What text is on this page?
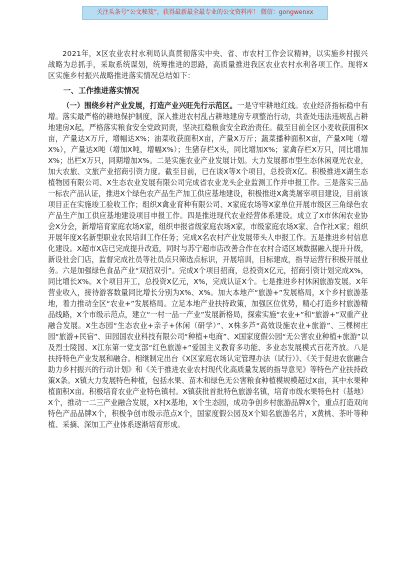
关注头条号“公文秘笈”，获得最新最全最专业的公文资料库！ 微信：gongwenxx

2021年，X区农业农村水利局认真贯彻落实中央、省、市农村工作会议精神，以实施乡村振兴战略为总抓手，采取系统谋划，统筹推进的思路，高质量推进我区农业农村水利各项工作。现将X区实施乡村振兴战略推进落实情况总结如下：

一、工作推进落实情况

（一）围绕乡村产业发展，打造产业兴旺先行示范区。一是守牢耕地红线。农业经济指标稳中有增。落实最严格的耕地保护制度，深入推进农村乱占耕地建房专项整治行动，共查处违法违规乱占耕地建房X起，严格落实粮食安全党政同责，坚决扛稳粮食安全政治责任。截至目前全区小麦收获面积X亩，产量达X万斤，增幅达X%；油菜收获面积X亩，产量X万斤；蔬菜播种面积X亩，产量X吨（增X%），产量达X吨（增加X吨，增幅X%）；生猪存栏X头，同比增加X%；家禽存栏X万只，同比增加X%；出栏X万只，同期增加X%。二是实施农业产业发展计划。大力发展都市型生态休闲观光农业，加大农旅、文旅产业招商引资力度。截至目前，已在谈X等X个项目，总投资X亿。积极推进X湖生态植物园有限公司、X生态农业发展有限公司完成省农业龙头企业监测工作并申报工作。三是落实三品一标农产品认证，推进X个绿色农产品生产加工供应基地建设，积极推进X禽类屠宰项目建设，目前该项目正在实施竣工验收工作；组织X禽业育种有限公司、X家庭农场等X家单位开展市级区三角绿色农产品生产加工供应基地建设项目申报工作。四是推进现代农业经营体系建设。成立了X市休闲农业协会X分会，新增培育家庭农场X家，组织申报省级家庭农场X家，市级家庭农场X家、合作社X家；组织开展年度X名新型职业农民培训工作任务；完成X名农村产业发展带头人申报工作。五是推进乡村信息化建设。X超市X店已完成提升改造，同时与苏宁超市店改善合作在农村合适区域数据融入提升升级，新设社会门店，监督完成社员等社员点只筛选点标识，开展培训，目标建成，指导运营行积极开展业务。六是加强绿色食品产业“双招双引”。完成X个项目招商，总投资X亿元，招商引资计划完成X%，同比增长X%。X个项目开工，总投资X亿元，X%，完成认证X个。七是推进乡村休闲旅游发展。X年营业收入，接待游客数量同比增长分别为X%、X%。加大本地产“旅游+”发展格局，X个乡村旅游基地，着力推动全区“农业+”发展格局。立足本地产业扶持政策，加强区位优势，精心打造乡村旅游精品线路，X个市级示范点，建立“一村一品一产业”发展新格局，探索实施“农业+”和“旅游+”双重产业融合发展。X生态园“生态农业+亲子+休闲（研学）”、X株多芦“高效设施农业+旅游”、三棵树庄园“旅游+民宿”、田园国农业科技有限公司“种植+电商”、X国家度假公园“无公害农业种植+旅游”以及烈士陵园、X江东第一党支部“红色旅游+”爱国主义教育多功能、多业态发展模式百花齐放。八是扶持特色产业发展和融合。相继制定出台《X区家庭农场认定管理办法（试行）》、《关于促进农旅融合助力乡村振兴的行动计划》和《关于推进农业农村现代化高质量发展的指导意见》等特色产业扶持政策X条。X镇大力发展特色种植，包括水果、苗木和绿色无公害粮食种植模规模超过X亩，其中水果种植面积X亩。积极培育农业产业特色镇村。X镇获批首批特色旅游名镇，培育市级水果特色村（基地）X个，推动一二三产业融合发展，X村X基地，X个生态园，成功争创乡村旅游品牌X个，重点打造双向特色产品品牌X个，积极争创市级示范点X个，国家度假公园及X个知名旅游名片，X黄桃、茶叶等种植、采摘、深加工产业体系逐渐培育形成。
